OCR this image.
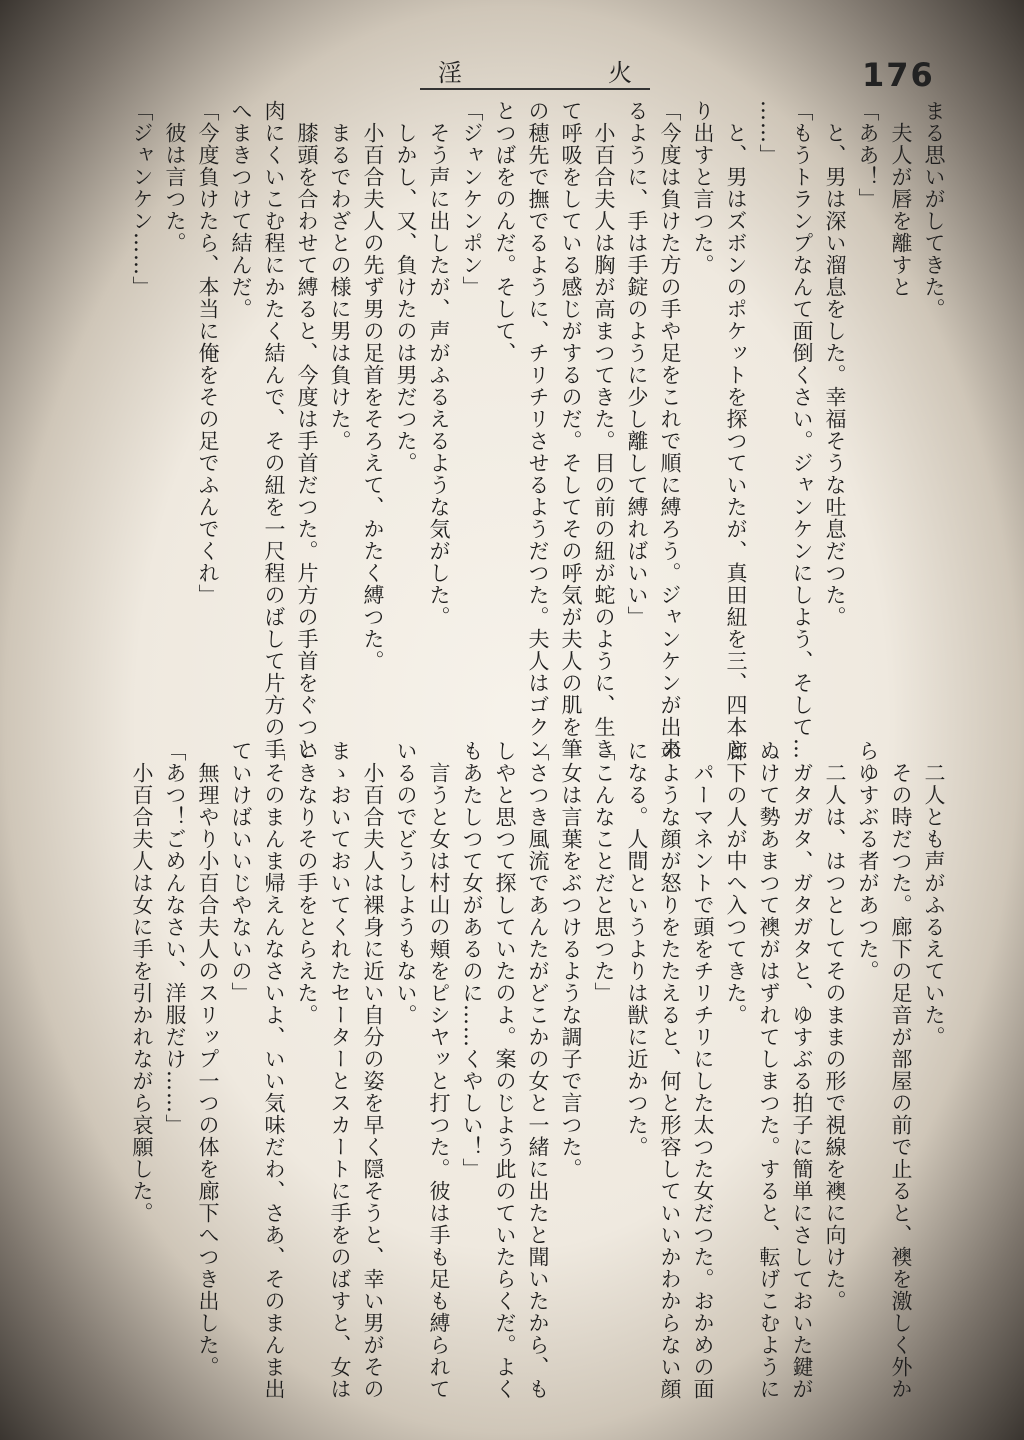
淫	火	176
まる思いがしてきた。
　夫人が唇を離すと
「ああ！」
　と、男は深い溜息をした。幸福そうな吐息だつた。
「もうトランプなんて面倒くさい。ジャンケンにしよう、そして…
……」
　と、男はズボンのポケットを探つていたが、真田紐を三、四本と
り出すと言つた。
「今度は負けた方の手や足をこれで順に縛ろう。ジャンケンが出来
るように、手は手錠のように少し離して縛ればいい」
　小百合夫人は胸が高まつてきた。目の前の紐が蛇のように、生き
て呼吸をしている感じがするのだ。そしてその呼気が夫人の肌を筆
の穂先で撫でるように、チリチリさせるようだつた。夫人はゴクン
とつばをのんだ。そして、
「ジャンケンポン」
　そう声に出したが、声がふるえるような気がした。
　しかし、又、負けたのは男だつた。
　小百合夫人の先ず男の足首をそろえて、かたく縛つた。
　まるでわざとの様に男は負けた。
　膝頭を合わせて縛ると、今度は手首だつた。片方の手首をぐつと
肉にくいこむ程にかたく結んで、その紐を一尺程のばして片方の手
へまきつけて結んだ。
「今度負けたら、本当に俺をその足でふんでくれ」
　彼は言つた。
「ジャンケン……」
　二人とも声がふるえていた。
　その時だつた。廊下の足音が部屋の前で止ると、襖を激しく外か
らゆすぶる者があつた。
　二人は、はつとしてそのままの形で視線を襖に向けた。
　ガタガタ、ガタガタと、ゆすぶる拍子に簡単にさしておいた鍵が
ぬけて勢あまつて襖がはずれてしまつた。すると、転げこむように
廊下の人が中へ入つてきた。
　パーマネントで頭をチリチリにした太つた女だつた。おかめの面
のような顔が怒りをたたえると、何と形容していいかわからない顔
になる。人間というよりは獣に近かつた。
「こんなことだと思つた」
　女は言葉をぶつけるような調子で言つた。
「さつき風流であんたがどこかの女と一緒に出たと聞いたから、も
しやと思つて探していたのよ。案のじよう此のていたらくだ。よく
もあたしつて女があるのに……くやしい！」
　言うと女は村山の頬をピシヤッと打つた。彼は手も足も縛られて
いるのでどうしようもない。
　小百合夫人は裸身に近い自分の姿を早く隠そうと、幸い男がその
まゝおいておいてくれたセーターとスカートに手をのばすと、女は
いきなりその手をとらえた。
「そのまんま帰えんなさいよ、いい気味だわ、さあ、そのまんま出
ていけばいいじやないの」
　無理やり小百合夫人のスリップ一つの体を廊下へつき出した。
「あつ！ごめんなさい、洋服だけ……」
　小百合夫人は女に手を引かれながら哀願した。
